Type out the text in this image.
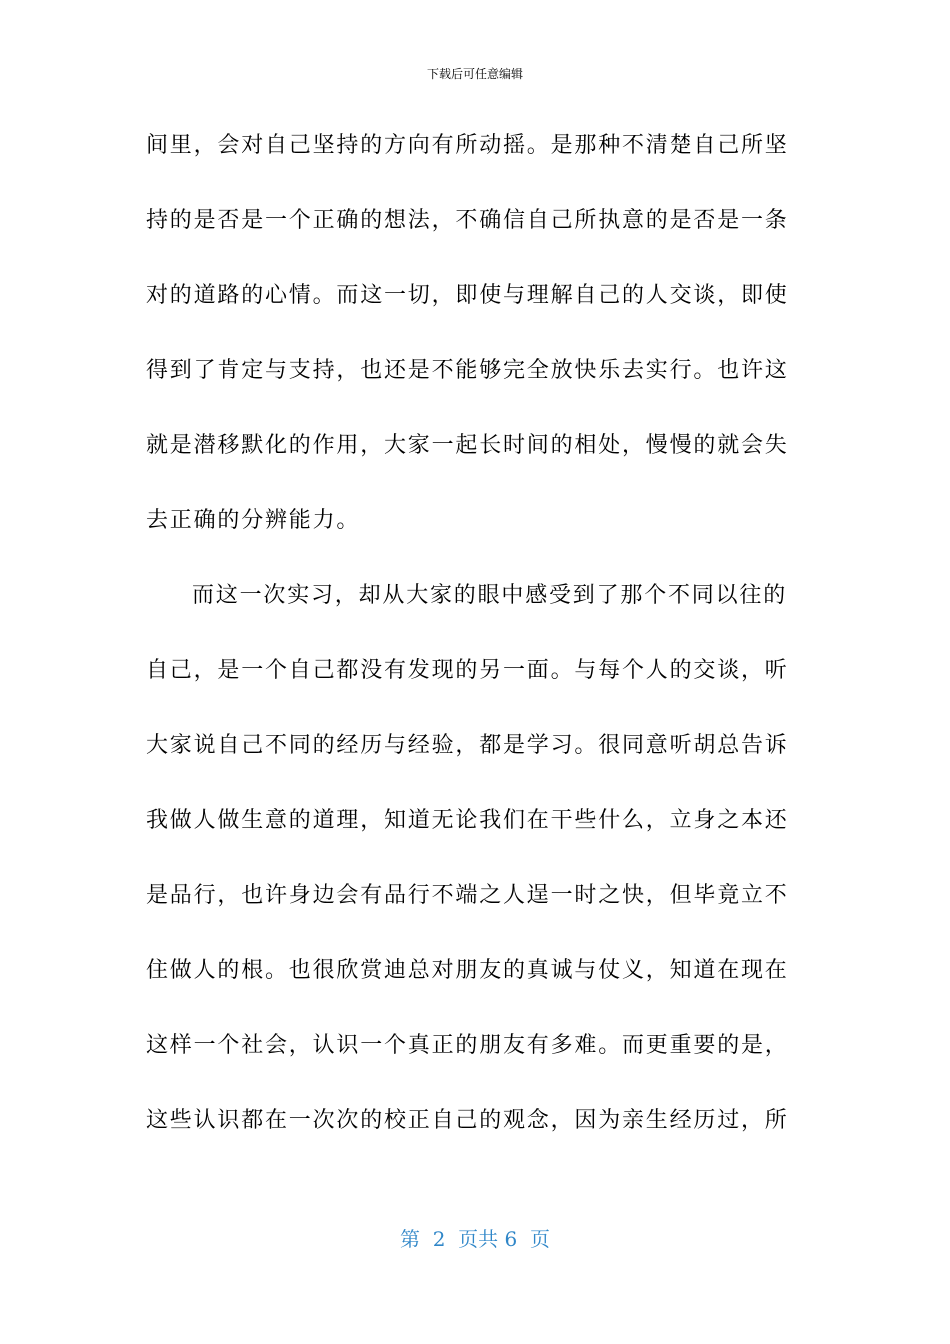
下载后可任意编辑
间里，会对自己坚持的方向有所动摇。是那种不清楚自己所坚
持的是否是一个正确的想法，不确信自己所执意的是否是一条
对的道路的心情。而这一切，即使与理解自己的人交谈，即使
得到了肯定与支持，也还是不能够完全放快乐去实行。也许这
就是潜移默化的作用，大家一起长时间的相处，慢慢的就会失
去正确的分辨能力。
而这一次实习，却从大家的眼中感受到了那个不同以往的
自己，是一个自己都没有发现的另一面。与每个人的交谈，听
大家说自己不同的经历与经验，都是学习。很同意听胡总告诉
我做人做生意的道理，知道无论我们在干些什么，立身之本还
是品行，也许身边会有品行不端之人逞一时之快，但毕竟立不
住做人的根。也很欣赏迪总对朋友的真诚与仗义，知道在现在
这样一个社会，认识一个真正的朋友有多难。而更重要的是，
这些认识都在一次次的校正自己的观念，因为亲生经历过，所
第  2  页共 6  页
